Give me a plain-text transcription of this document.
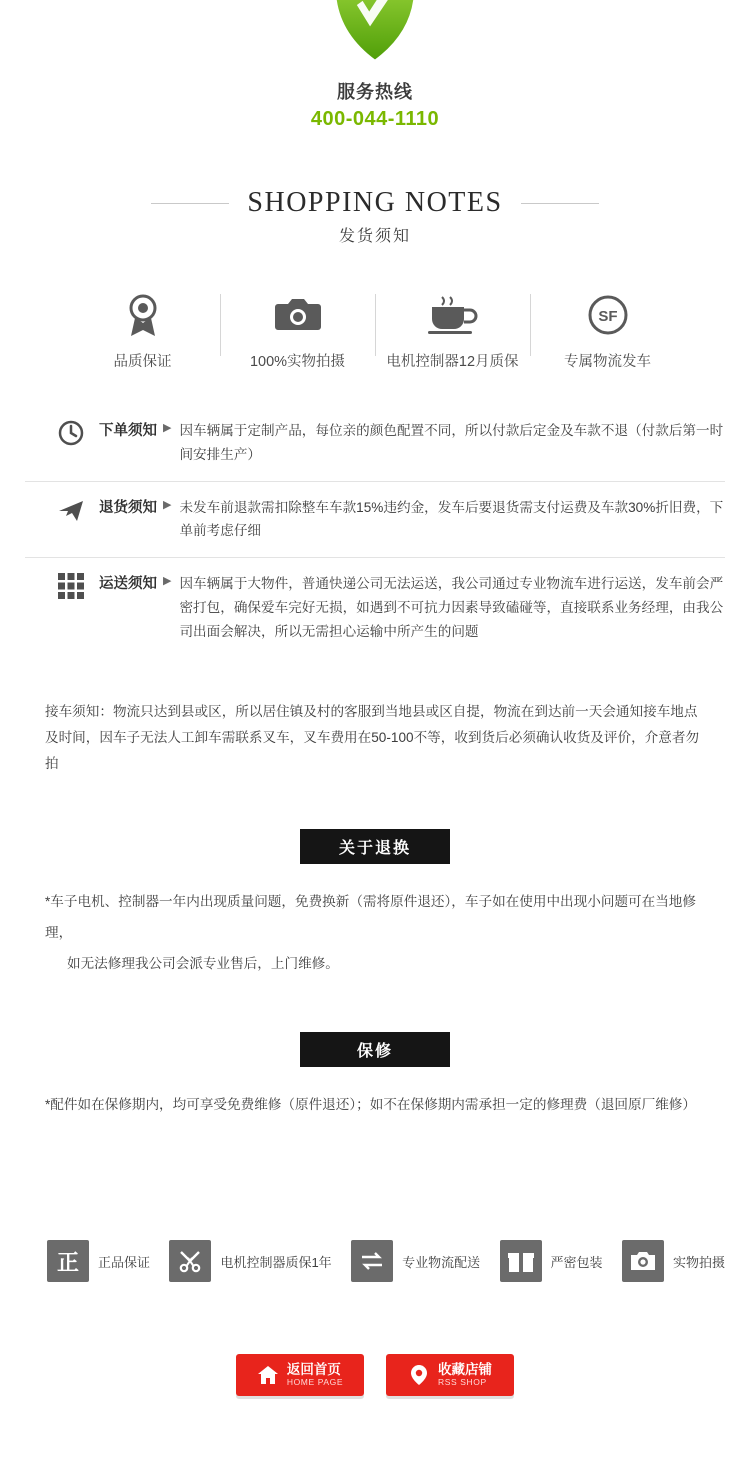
服务热线
400-044-1110
SHOPPING NOTES
发货须知
品质保证	100%实物拍摄	电机控制器12月质保
SF
专属物流发车
下单须知 ▶ 因车辆属于定制产品，每位亲的颜色配置不同，所以付款后定金及车款不退（付款后第一时间安排生产）
退货须知 ▶ 未发车前退款需扣除整车车款15%违约金，发车后要退货需支付运费及车款30%折旧费，下单前考虑仔细
运送须知 ▶ 因车辆属于大物件，普通快递公司无法运送，我公司通过专业物流车进行运送，发车前会严密打包，确保爱车完好无损，如遇到不可抗力因素导致磕碰等，直接联系业务经理，由我公司出面会解决，所以无需担心运输中所产生的问题
接车须知：物流只达到县或区，所以居住镇及村的客服到当地县或区自提，物流在到达前一天会通知接车地点及时间，因车子无法人工卸车需联系叉车，叉车费用在50-100不等，收到货后必须确认收货及评价，介意者勿拍
关于退换
*车子电机、控制器一年内出现质量问题，免费换新（需将原件退还），车子如在使用中出现小问题可在当地修理，
如无法修理我公司会派专业售后，上门维修。
保修
*配件如在保修期内，均可享受免费维修（原件退还）；如不在保修期内需承担一定的修理费（退回原厂维修）
正	正品保证	电机控制器质保1年	专业物流配送	严密包装	实物拍摄
返回首页
HOME PAGE
收藏店铺
RSS SHOP
